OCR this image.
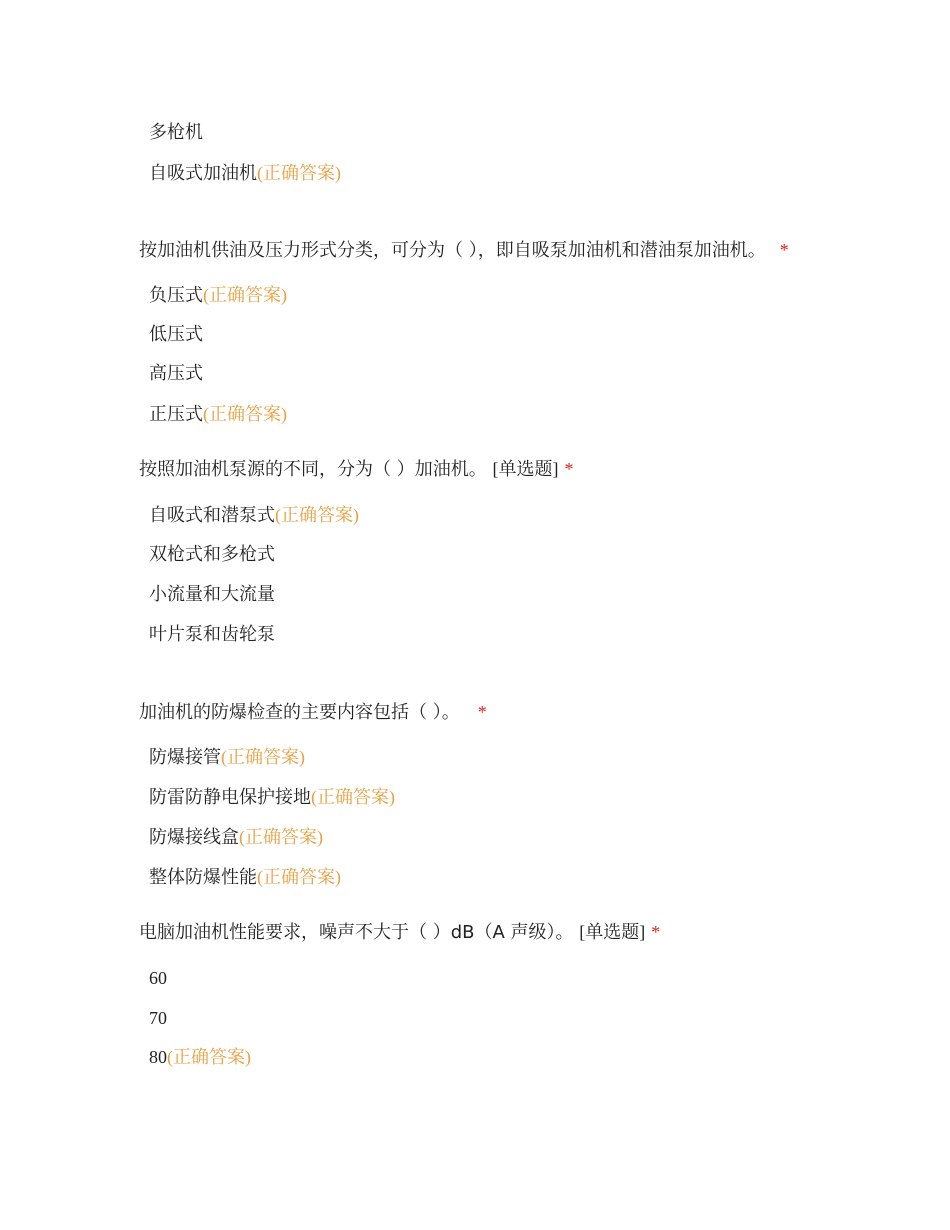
多枪机
自吸式加油机(正确答案)
按加油机供油及压力形式分类，可分为（ ），即自吸泵加油机和潜油泵加油机。 *
负压式(正确答案)
低压式
高压式
正压式(正确答案)
按照加油机泵源的不同，分为（ ）加油机。 [单选题] *
自吸式和潜泵式(正确答案)
双枪式和多枪式
小流量和大流量
叶片泵和齿轮泵
加油机的防爆检查的主要内容包括（ ）。 *
防爆接管(正确答案)
防雷防静电保护接地(正确答案)
防爆接线盒(正确答案)
整体防爆性能(正确答案)
电脑加油机性能要求，噪声不大于（ ）dB（A 声级）。 [单选题] *
60
70
80(正确答案)
